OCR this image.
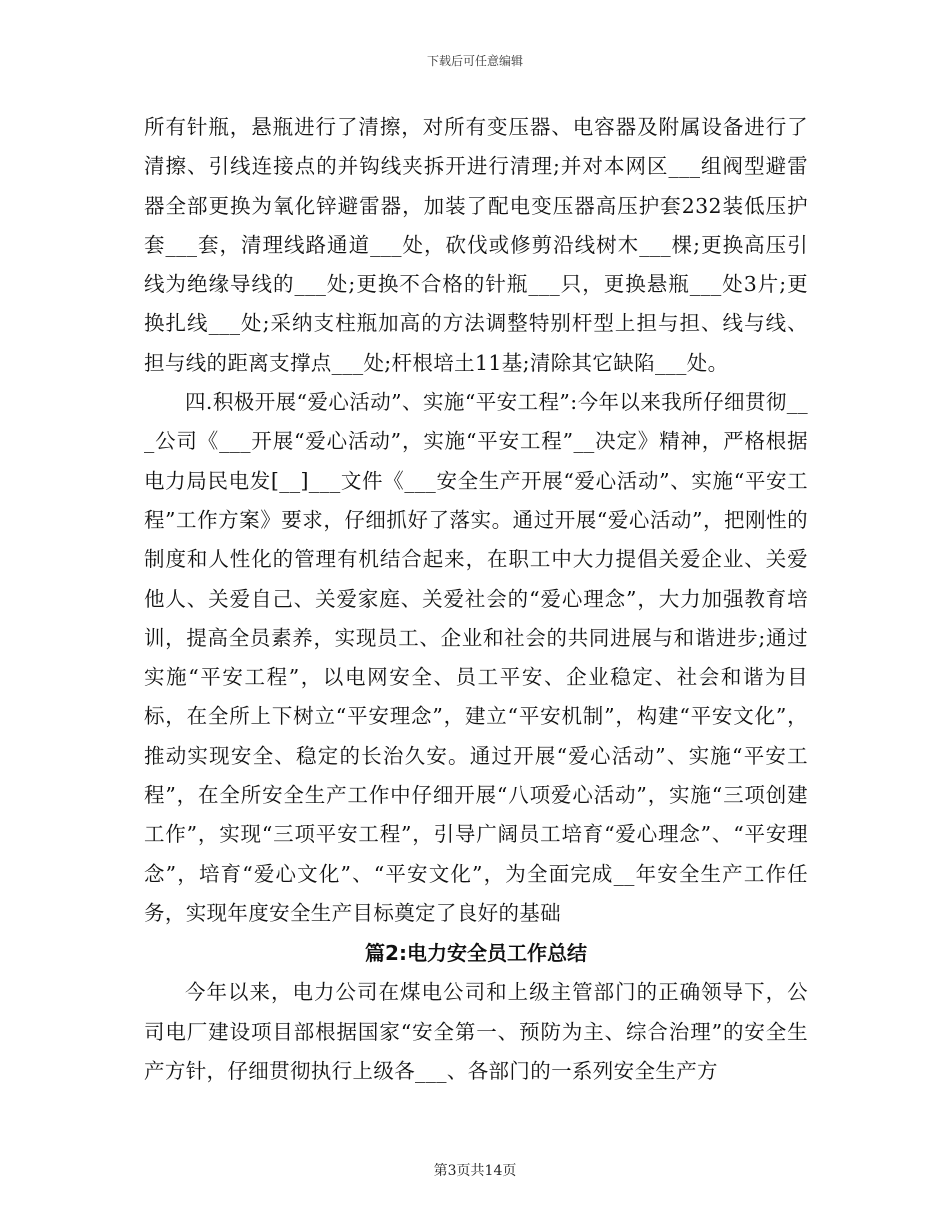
下载后可任意编辑

所有针瓶，悬瓶进行了清擦，对所有变压器、电容器及附属设备进行了清擦、引线连接点的并钩线夹拆开进行清理;并对本网区___组阀型避雷器全部更换为氧化锌避雷器，加装了配电变压器高压护套232装低压护套___套，清理线路通道___处，砍伐或修剪沿线树木___棵;更换高压引线为绝缘导线的___处;更换不合格的针瓶___只，更换悬瓶___处3片;更换扎线___处;采纳支柱瓶加高的方法调整特别杆型上担与担、线与线、担与线的距离支撑点___处;杆根培土11基;清除其它缺陷___处。

四.积极开展“爱心活动”、实施“平安工程”:今年以来我所仔细贯彻___公司《___开展“爱心活动”，实施“平安工程”__决定》精神，严格根据电力局民电发[__]___文件《___安全生产开展“爱心活动”、实施“平安工程”工作方案》要求，仔细抓好了落实。通过开展“爱心活动”，把刚性的制度和人性化的管理有机结合起来，在职工中大力提倡关爱企业、关爱他人、关爱自己、关爱家庭、关爱社会的“爱心理念”，大力加强教育培训，提高全员素养，实现员工、企业和社会的共同进展与和谐进步;通过实施“平安工程”，以电网安全、员工平安、企业稳定、社会和谐为目标，在全所上下树立“平安理念”，建立“平安机制”，构建“平安文化”，推动实现安全、稳定的长治久安。通过开展“爱心活动”、实施“平安工程”，在全所安全生产工作中仔细开展“八项爱心活动”，实施“三项创建工作”，实现“三项平安工程”，引导广阔员工培育“爱心理念”、“平安理念”，培育“爱心文化”、“平安文化”，为全面完成__年安全生产工作任务，实现年度安全生产目标奠定了良好的基础

篇2:电力安全员工作总结

今年以来，电力公司在煤电公司和上级主管部门的正确领导下，公司电厂建设项目部根据国家“安全第一、预防为主、综合治理”的安全生产方针，仔细贯彻执行上级各___、各部门的一系列安全生产方

第3页共14页
